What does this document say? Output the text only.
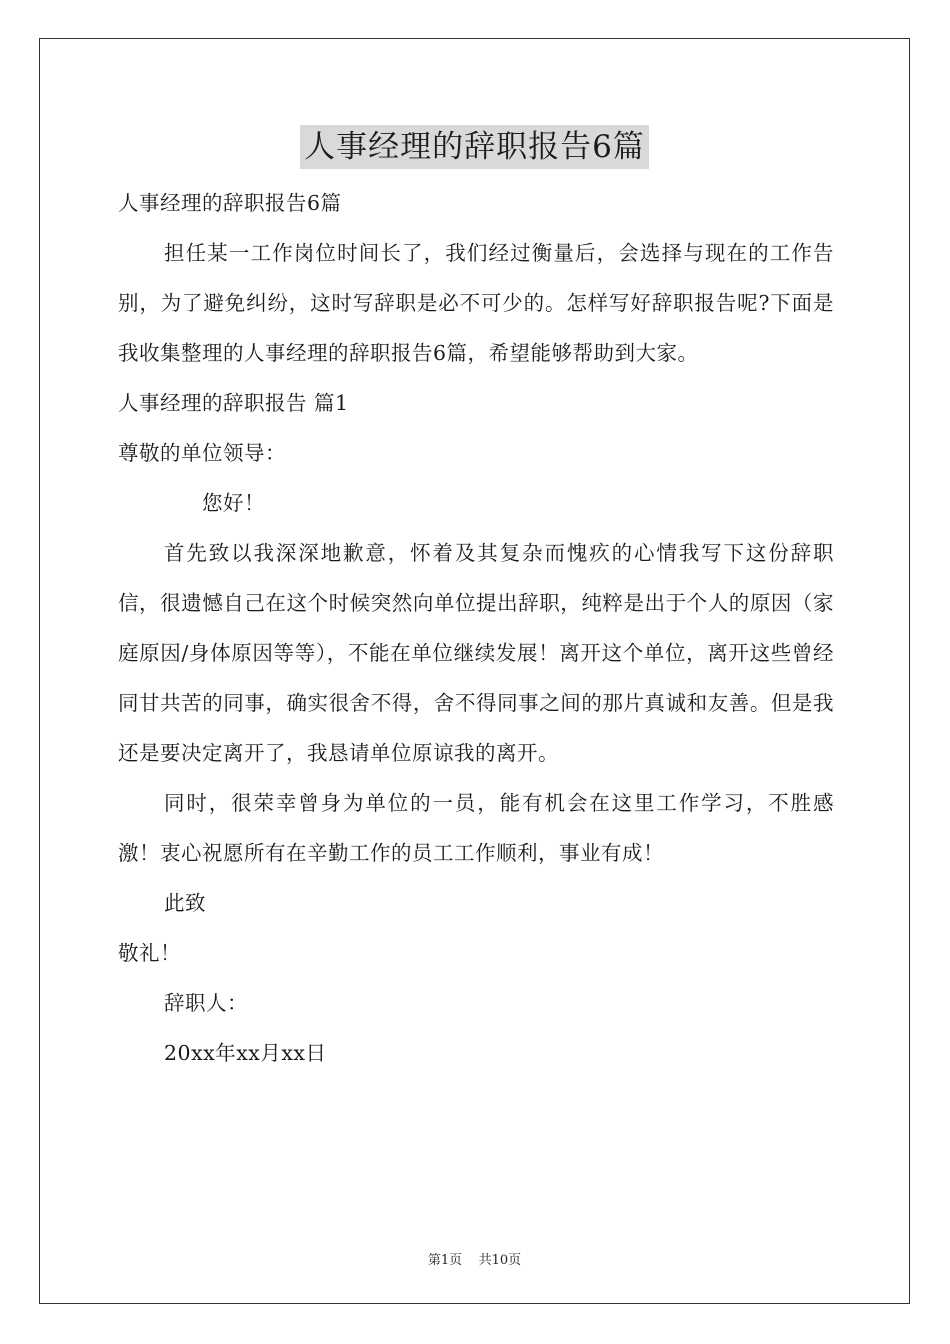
人事经理的辞职报告6篇

人事经理的辞职报告6篇

担任某一工作岗位时间长了，我们经过衡量后，会选择与现在的工作告别，为了避免纠纷，这时写辞职是必不可少的。怎样写好辞职报告呢?下面是我收集整理的人事经理的辞职报告6篇，希望能够帮助到大家。

人事经理的辞职报告 篇1

尊敬的单位领导：

您好！

首先致以我深深地歉意，怀着及其复杂而愧疚的心情我写下这份辞职信，很遗憾自己在这个时候突然向单位提出辞职，纯粹是出于个人的原因（家庭原因/身体原因等等），不能在单位继续发展！离开这个单位，离开这些曾经同甘共苦的同事，确实很舍不得，舍不得同事之间的那片真诚和友善。但是我还是要决定离开了，我恳请单位原谅我的离开。

同时，很荣幸曾身为单位的一员，能有机会在这里工作学习，不胜感激！衷心祝愿所有在辛勤工作的员工工作顺利，事业有成！

此致

敬礼！

辞职人：

20xx年xx月xx日

第1页 共10页
